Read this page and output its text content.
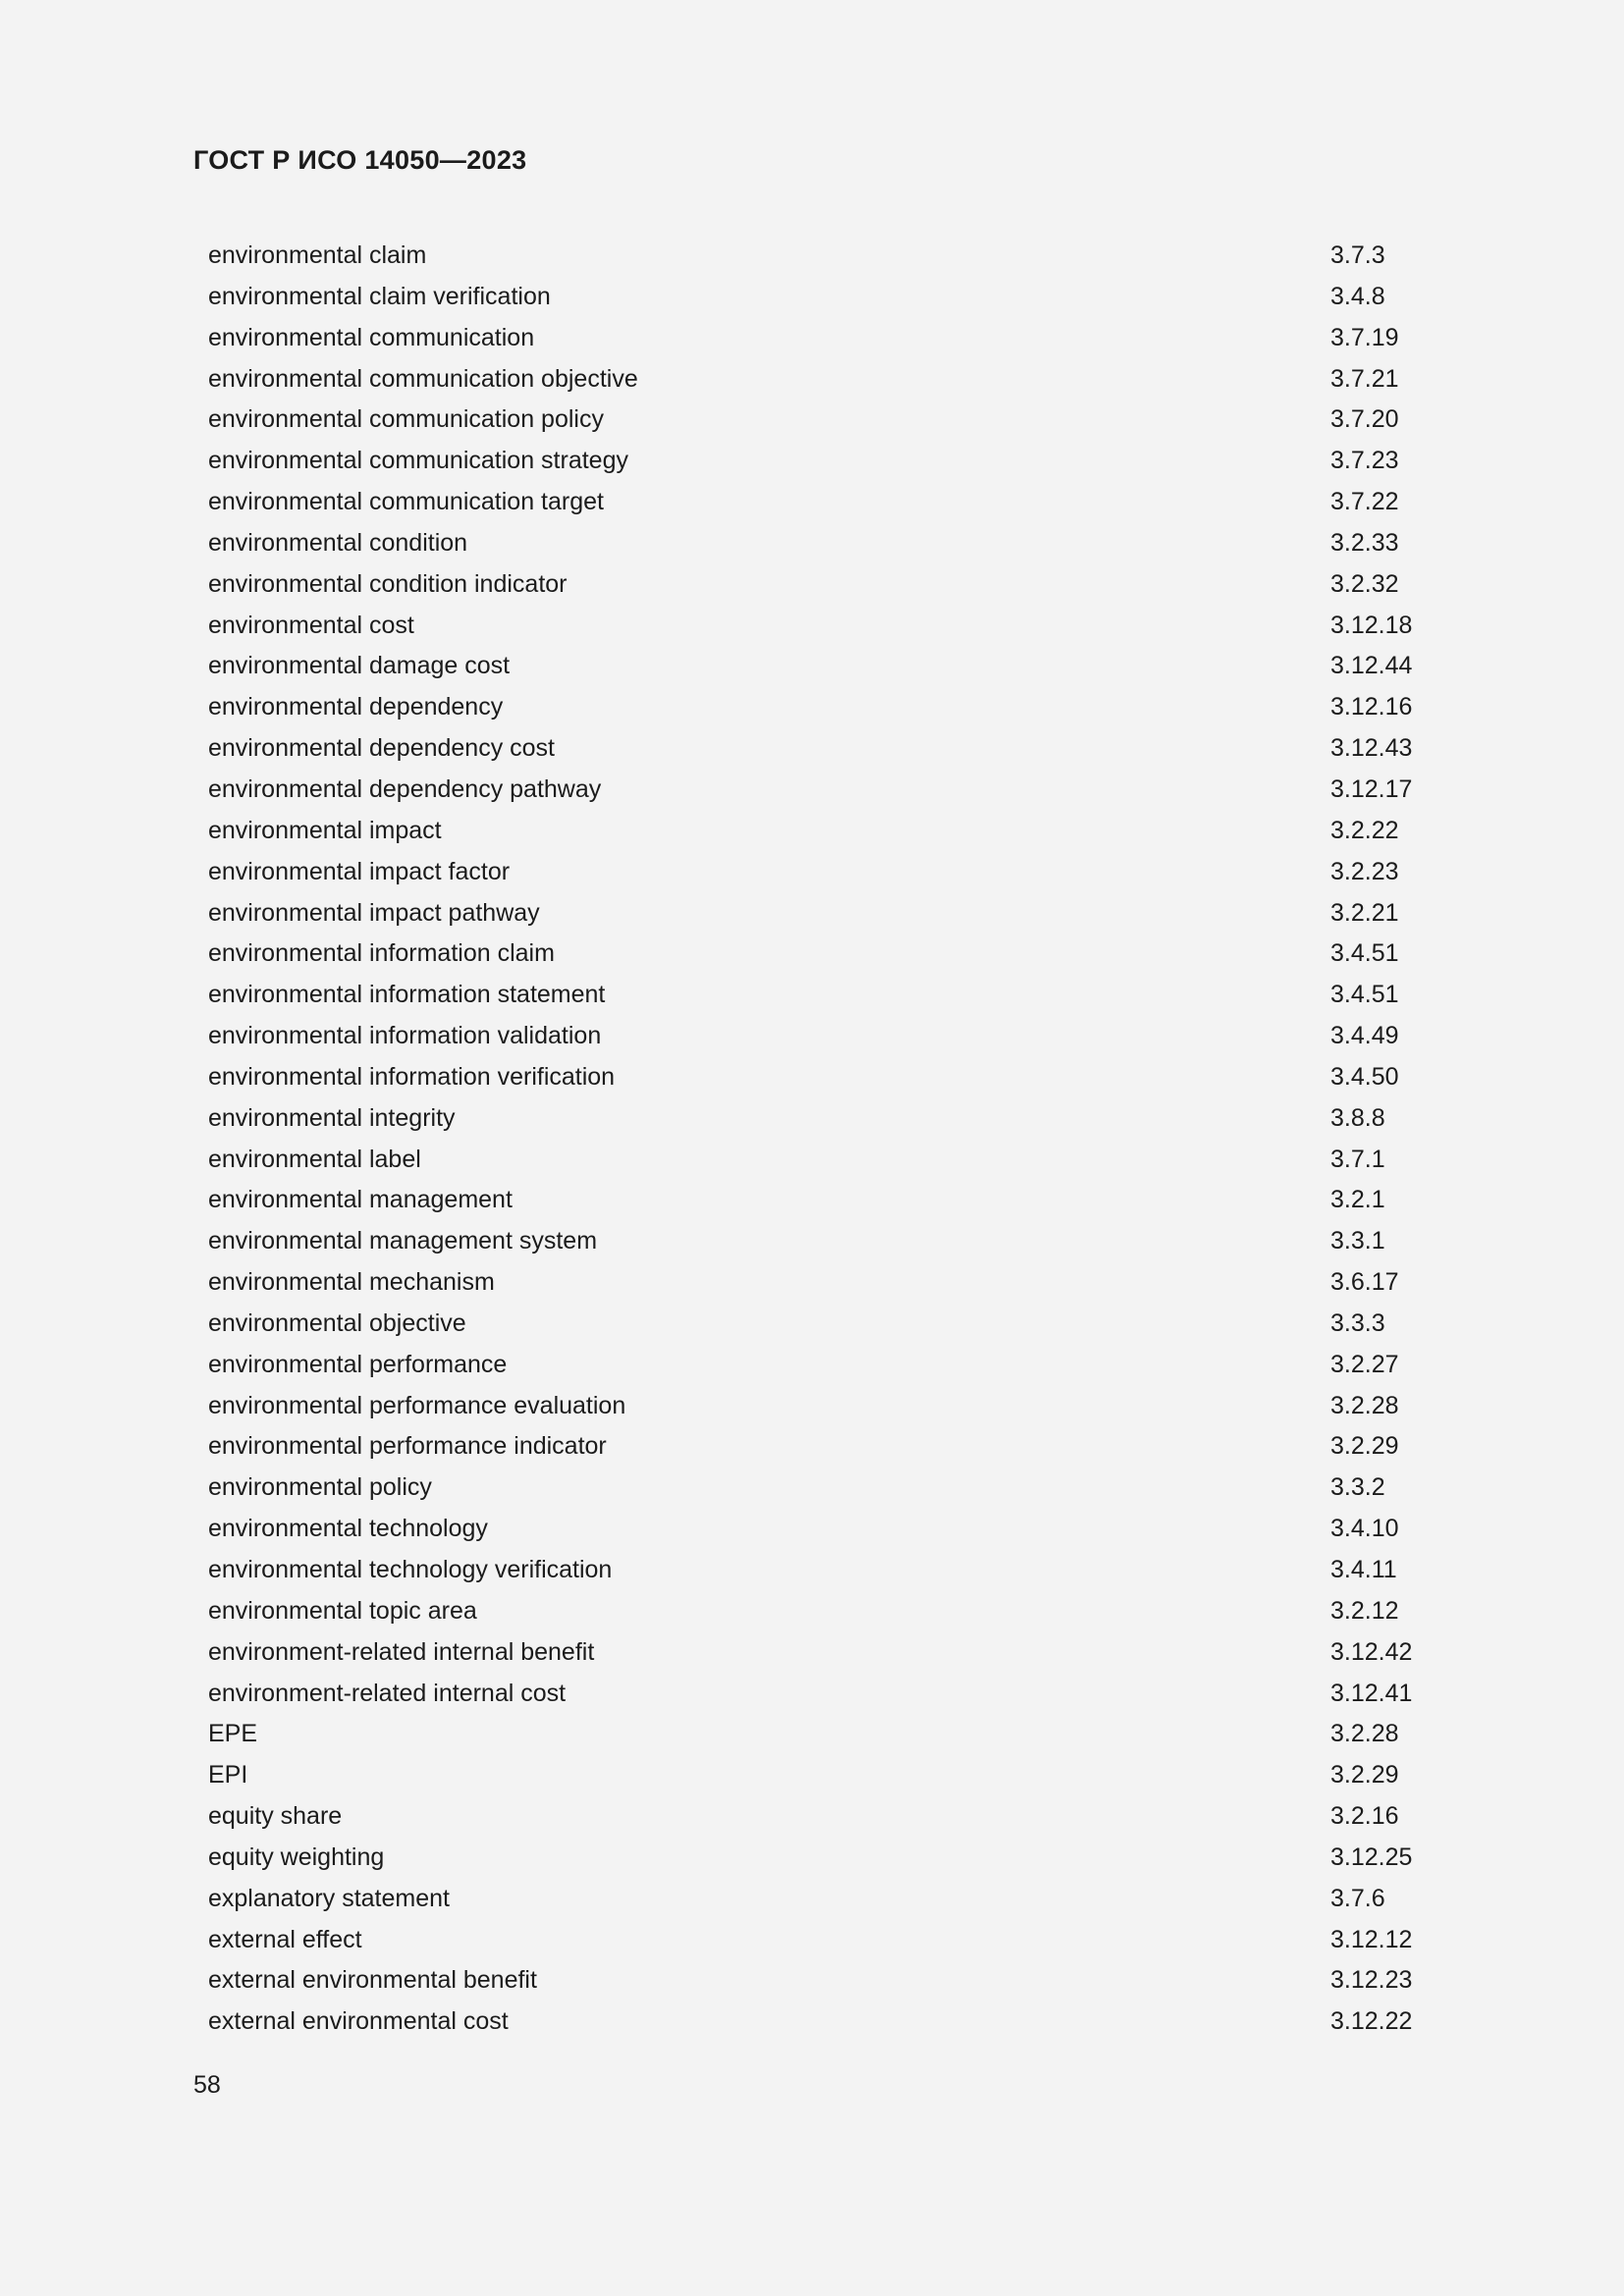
ГОСТ Р ИСО 14050—2023
environmental claim	3.7.3
environmental claim verification	3.4.8
environmental communication	3.7.19
environmental communication objective	3.7.21
environmental communication policy	3.7.20
environmental communication strategy	3.7.23
environmental communication target	3.7.22
environmental condition	3.2.33
environmental condition indicator	3.2.32
environmental cost	3.12.18
environmental damage cost	3.12.44
environmental dependency	3.12.16
environmental dependency cost	3.12.43
environmental dependency pathway	3.12.17
environmental impact	3.2.22
environmental impact factor	3.2.23
environmental impact pathway	3.2.21
environmental information claim	3.4.51
environmental information statement	3.4.51
environmental information validation	3.4.49
environmental information verification	3.4.50
environmental integrity	3.8.8
environmental label	3.7.1
environmental management	3.2.1
environmental management system	3.3.1
environmental mechanism	3.6.17
environmental objective	3.3.3
environmental performance	3.2.27
environmental performance evaluation	3.2.28
environmental performance indicator	3.2.29
environmental policy	3.3.2
environmental technology	3.4.10
environmental technology verification	3.4.11
environmental topic area	3.2.12
environment-related internal benefit	3.12.42
environment-related internal cost	3.12.41
EPE	3.2.28
EPI	3.2.29
equity share	3.2.16
equity weighting	3.12.25
explanatory statement	3.7.6
external effect	3.12.12
external environmental benefit	3.12.23
external environmental cost	3.12.22

58
